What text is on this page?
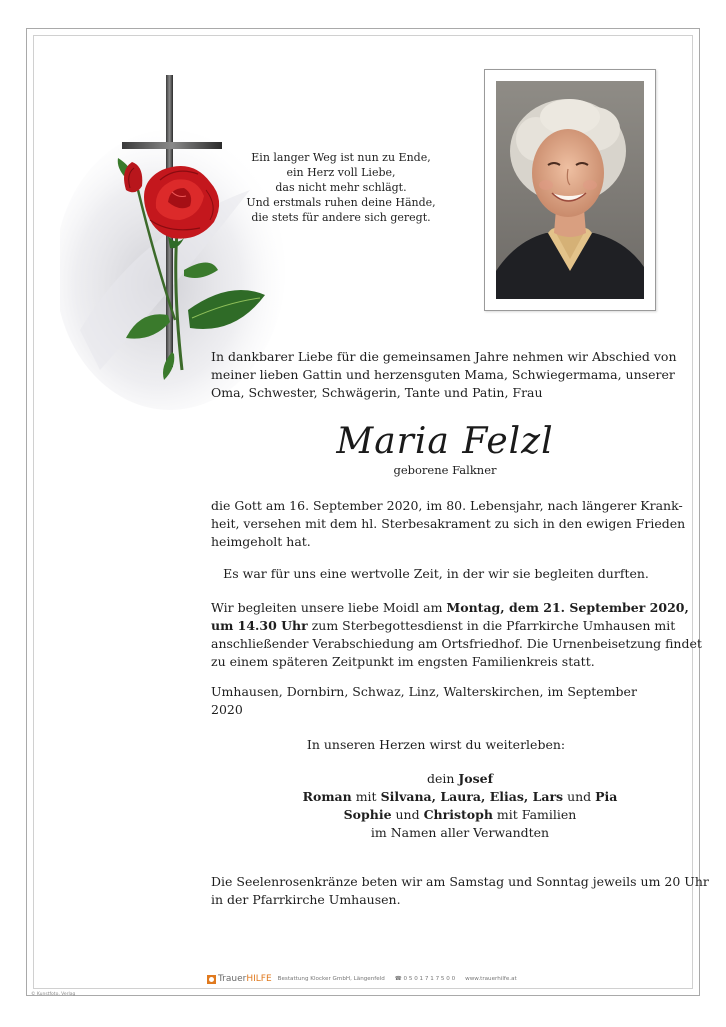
Ein langer Weg ist nun zu Ende,
ein Herz voll Liebe,
das nicht mehr schlägt.
Und erstmals ruhen deine Hände,
die stets für andere sich geregt.
In dankbarer Liebe für die gemeinsamen Jahre nehmen wir Abschied von
meiner lieben Gattin und herzensguten Mama, Schwiegermama, unserer
Oma, Schwester, Schwägerin, Tante und Patin, Frau
Maria Felzl
geborene Falkner
die Gott am 16. September 2020, im 80. Lebensjahr, nach längerer Krank-
heit, versehen mit dem hl. Sterbesakrament zu sich in den ewigen Frieden
heimgeholt hat.
Es war für uns eine wertvolle Zeit, in der wir sie begleiten durften.
Wir begleiten unsere liebe Moidl am Montag, dem 21. September 2020,
um 14.30 Uhr zum Sterbegottesdienst in die Pfarrkirche Umhausen mit
anschließender Verabschiedung am Ortsfriedhof. Die Urnenbeisetzung findet
zu einem späteren Zeitpunkt im engsten Familienkreis statt.
Umhausen, Dornbirn, Schwaz, Linz, Walterskirchen, im September 2020
In unseren Herzen wirst du weiterleben:
dein Josef
Roman mit Silvana, Laura, Elias, Lars und Pia
Sophie und Christoph mit Familien
im Namen aller Verwandten
Die Seelenrosenkränze beten wir am Samstag und Sonntag jeweils um 20 Uhr
in der Pfarrkirche Umhausen.
TrauerHILFE Bestattung Klocker GmbH, Längenfeld ☎ 0 5 0 1 7 1 7 5 0 0 www.trauerhilfe.at
© Kunstfoto, Verlag
